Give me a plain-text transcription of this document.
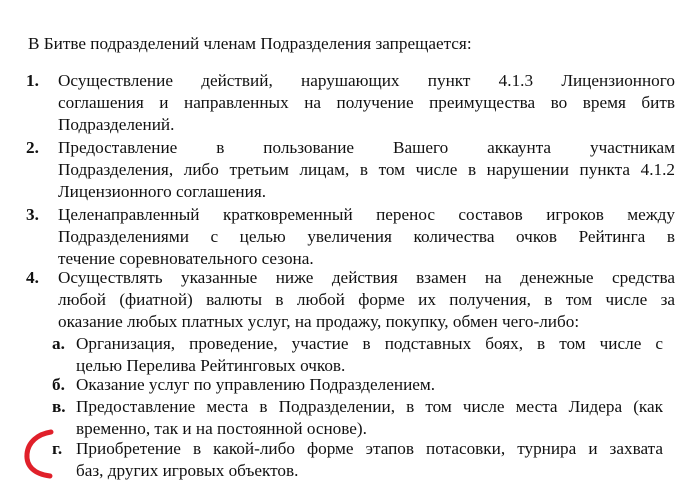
В Битве подразделений членам Подразделения запрещается:
1. Осуществление действий, нарушающих пункт 4.1.3 Лицензионного
соглашения и направленных на получение преимущества во время битв
Подразделений.
2. Предоставление в пользование Вашего аккаунта участникам
Подразделения, либо третьим лицам, в том числе в нарушении пункта 4.1.2
Лицензионного соглашения.
3. Целенаправленный кратковременный перенос составов игроков между
Подразделениями с целью увеличения количества очков Рейтинга в
течение соревновательного сезона.
4. Осуществлять указанные ниже действия взамен на денежные средства
любой (фиатной) валюты в любой форме их получения, в том числе за
оказание любых платных услуг, на продажу, покупку, обмен чего-либо:
а. Организация, проведение, участие в подставных боях, в том числе с
целью Перелива Рейтинговых очков.
б. Оказание услуг по управлению Подразделением.
в. Предоставление места в Подразделении, в том числе места Лидера (как
временно, так и на постоянной основе).
г. Приобретение в какой-либо форме этапов потасовки, турнира и захвата
баз, других игровых объектов.
